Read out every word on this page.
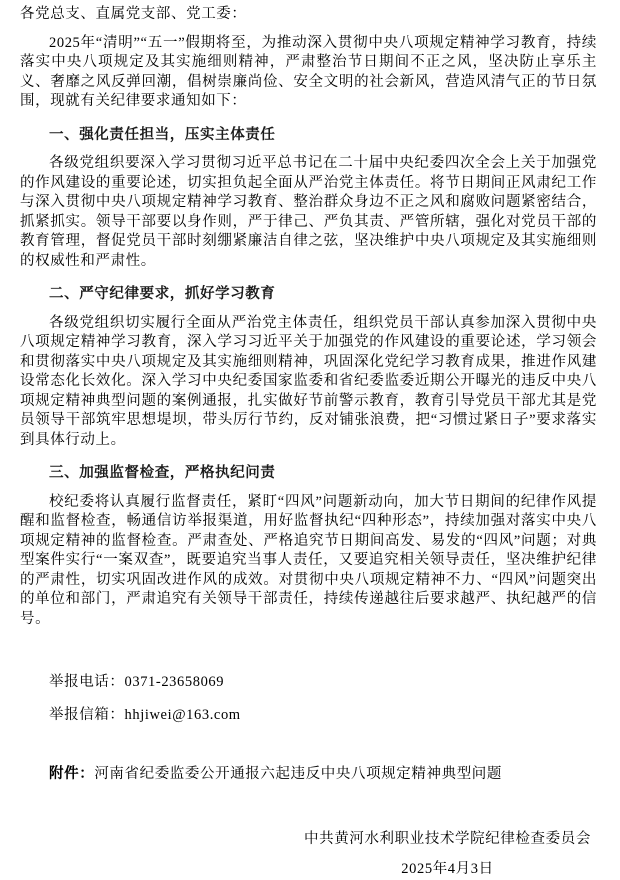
各党总支、直属党支部、党工委：

2025年“清明”“五一”假期将至，为推动深入贯彻中央八项规定精神学习教育，持续落实中央八项规定及其实施细则精神，严肃整治节日期间不正之风，坚决防止享乐主义、奢靡之风反弹回潮，倡树崇廉尚俭、安全文明的社会新风，营造风清气正的节日氛围，现就有关纪律要求通知如下：

一、强化责任担当，压实主体责任

各级党组织要深入学习贯彻习近平总书记在二十届中央纪委四次全会上关于加强党的作风建设的重要论述，切实担负起全面从严治党主体责任。将节日期间正风肃纪工作与深入贯彻中央八项规定精神学习教育、整治群众身边不正之风和腐败问题紧密结合，抓紧抓实。领导干部要以身作则，严于律己、严负其责、严管所辖，强化对党员干部的教育管理，督促党员干部时刻绷紧廉洁自律之弦，坚决维护中央八项规定及其实施细则的权威性和严肃性。

二、严守纪律要求，抓好学习教育

各级党组织切实履行全面从严治党主体责任，组织党员干部认真参加深入贯彻中央八项规定精神学习教育，深入学习习近平关于加强党的作风建设的重要论述，学习领会和贯彻落实中央八项规定及其实施细则精神，巩固深化党纪学习教育成果，推进作风建设常态化长效化。深入学习中央纪委国家监委和省纪委监委近期公开曝光的违反中央八项规定精神典型问题的案例通报，扎实做好节前警示教育，教育引导党员干部尤其是党员领导干部筑牢思想堤坝，带头厉行节约，反对铺张浪费，把“习惯过紧日子”要求落实到具体行动上。

三、加强监督检查，严格执纪问责

校纪委将认真履行监督责任，紧盯“四风”问题新动向，加大节日期间的纪律作风提醒和监督检查，畅通信访举报渠道，用好监督执纪“四种形态”，持续加强对落实中央八项规定精神的监督检查。严肃查处、严格追究节日期间高发、易发的“四风”问题；对典型案件实行“一案双查”，既要追究当事人责任，又要追究相关领导责任，坚决维护纪律的严肃性，切实巩固改进作风的成效。对贯彻中央八项规定精神不力、“四风”问题突出的单位和部门，严肃追究有关领导干部责任，持续传递越往后要求越严、执纪越严的信号。

举报电话：0371-23658069

举报信箱：hhjiwei@163.com

附件：河南省纪委监委公开通报六起违反中央八项规定精神典型问题

中共黄河水利职业技术学院纪律检查委员会

2025年4月3日
